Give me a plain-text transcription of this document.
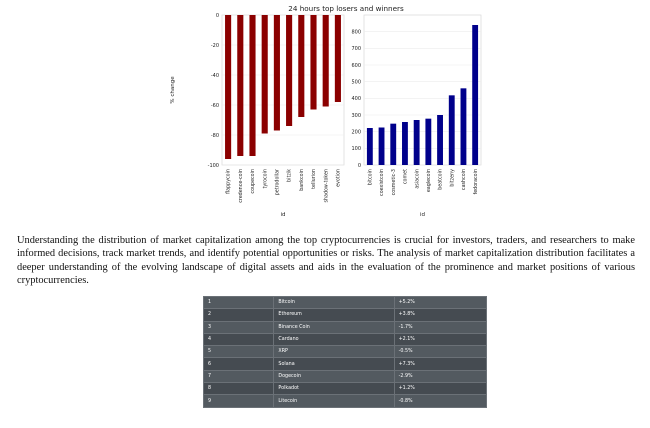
24 hours top losers and winners
0
-20
-40
-60
-80
-100
flappycoin credence-coin coupecoin tyrocoin petrodollar bitzik bankcoin tellurion shadow-token evotion
id
% change
0
100
200
300
400
500
600
700
800
bitcoin coexistcoin cosmetic-3 comet asiacoin eaglecoin beatcoin bitzeny cashcoin fedoracoin
id

Understanding the distribution of market capitalization among the top cryptocurrencies is crucial for investors, traders, and researchers to make informed decisions, track market trends, and identify potential opportunities or risks. The analysis of market capitalization distribution facilitates a deeper understanding of the evolving landscape of digital assets and aids in the evaluation of the prominence and market positions of various cryptocurrencies.

1	Bitcoin	+5.2%
2	Ethereum	+3.8%
3	Binance Coin	-1.7%
4	Cardano	+2.1%
5	XRP	-0.5%
6	Solana	+7.3%
7	Dogecoin	-2.9%
8	Polkadot	+1.2%
9	Litecoin	-0.8%
